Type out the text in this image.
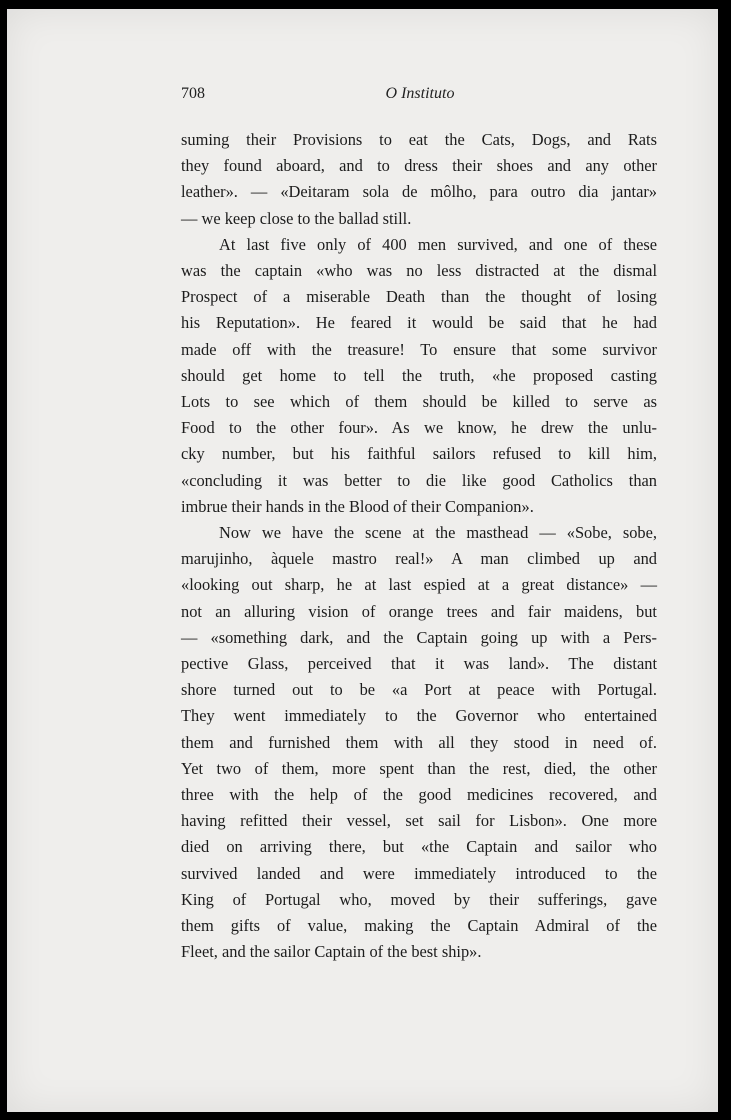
708	O Instituto
suming their Provisions to eat the Cats, Dogs, and Rats
they found aboard, and to dress their shoes and any other
leather». — «Deitaram sola de môlho, para outro dia jantar»
— we keep close to the ballad still.
At last five only of 400 men survived, and one of these
was the captain «who was no less distracted at the dismal
Prospect of a miserable Death than the thought of losing
his Reputation». He feared it would be said that he had
made off with the treasure! To ensure that some survivor
should get home to tell the truth, «he proposed casting
Lots to see which of them should be killed to serve as
Food to the other four». As we know, he drew the unlu-
cky number, but his faithful sailors refused to kill him,
«concluding it was better to die like good Catholics than
imbrue their hands in the Blood of their Companion».
Now we have the scene at the masthead — «Sobe, sobe,
marujinho, àquele mastro real!» A man climbed up and
«looking out sharp, he at last espied at a great distance» —
not an alluring vision of orange trees and fair maidens, but
— «something dark, and the Captain going up with a Pers-
pective Glass, perceived that it was land». The distant
shore turned out to be «a Port at peace with Portugal.
They went immediately to the Governor who entertained
them and furnished them with all they stood in need of.
Yet two of them, more spent than the rest, died, the other
three with the help of the good medicines recovered, and
having refitted their vessel, set sail for Lisbon». One more
died on arriving there, but «the Captain and sailor who
survived landed and were immediately introduced to the
King of Portugal who, moved by their sufferings, gave
them gifts of value, making the Captain Admiral of the
Fleet, and the sailor Captain of the best ship».
